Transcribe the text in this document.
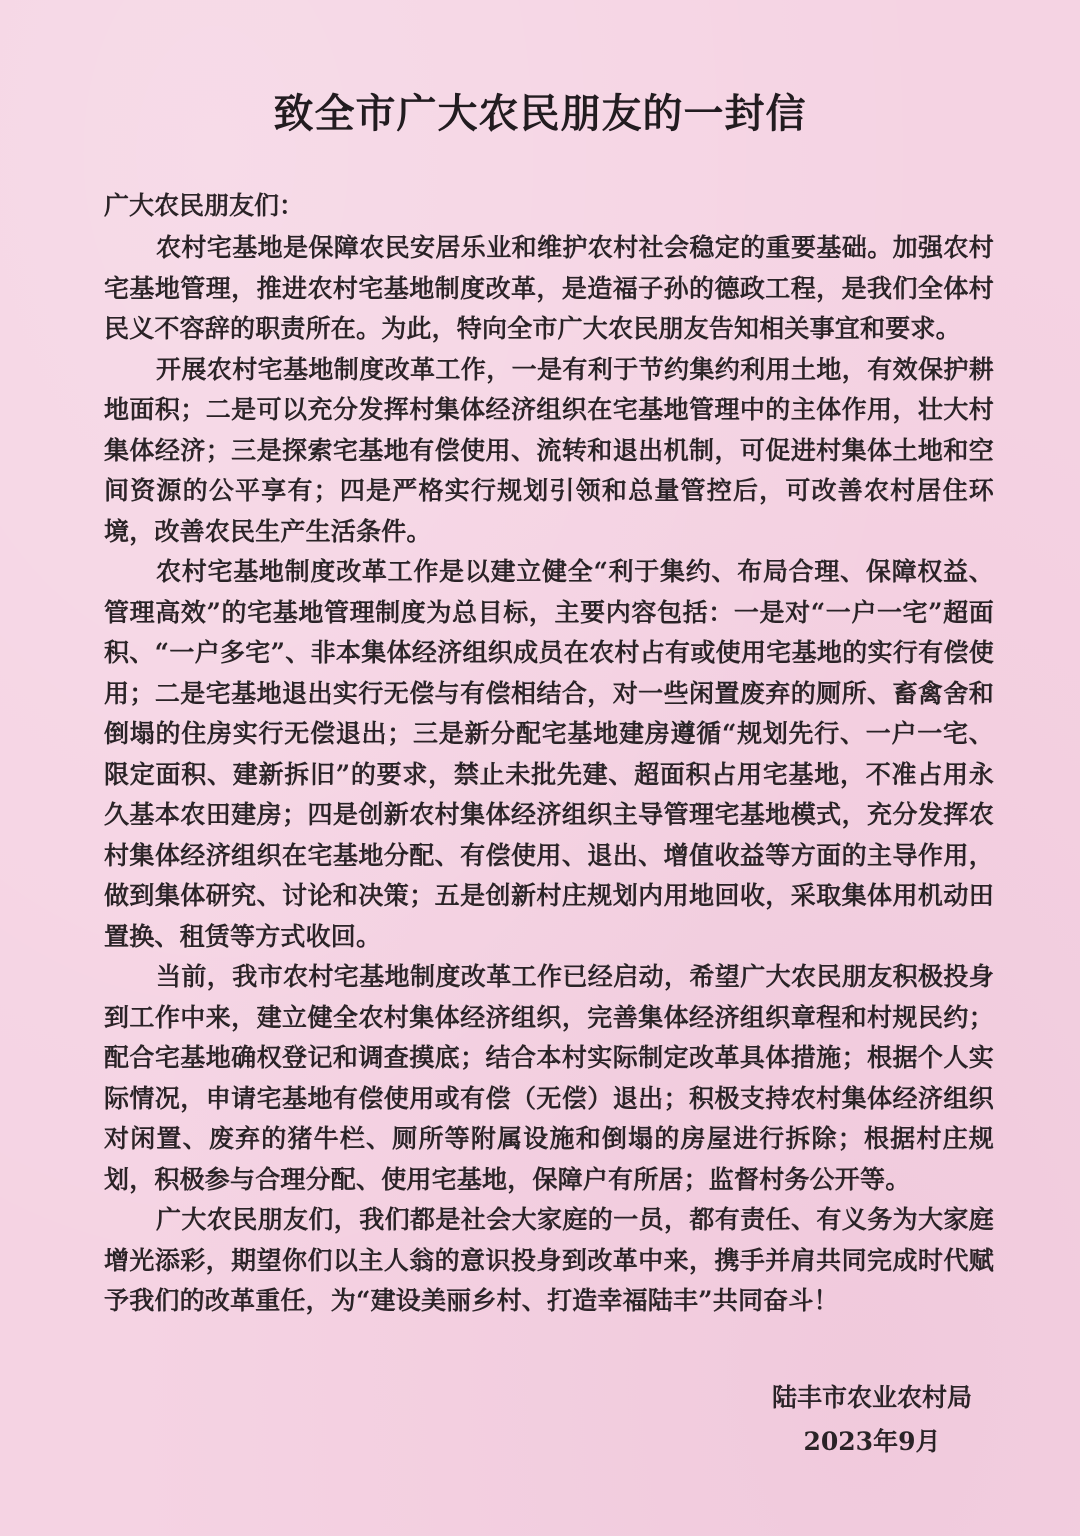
致全市广大农民朋友的一封信

广大农民朋友们：

农村宅基地是保障农民安居乐业和维护农村社会稳定的重要基础。加强农村宅基地管理，推进农村宅基地制度改革，是造福子孙的德政工程，是我们全体村民义不容辞的职责所在。为此，特向全市广大农民朋友告知相关事宜和要求。

开展农村宅基地制度改革工作，一是有利于节约集约利用土地，有效保护耕地面积；二是可以充分发挥村集体经济组织在宅基地管理中的主体作用，壮大村集体经济；三是探索宅基地有偿使用、流转和退出机制，可促进村集体土地和空间资源的公平享有；四是严格实行规划引领和总量管控后，可改善农村居住环境，改善农民生产生活条件。

农村宅基地制度改革工作是以建立健全“利于集约、布局合理、保障权益、管理高效”的宅基地管理制度为总目标，主要内容包括：一是对“一户一宅”超面积、“一户多宅”、非本集体经济组织成员在农村占有或使用宅基地的实行有偿使用；二是宅基地退出实行无偿与有偿相结合，对一些闲置废弃的厕所、畜禽舍和倒塌的住房实行无偿退出；三是新分配宅基地建房遵循“规划先行、一户一宅、限定面积、建新拆旧”的要求，禁止未批先建、超面积占用宅基地，不准占用永久基本农田建房；四是创新农村集体经济组织主导管理宅基地模式，充分发挥农村集体经济组织在宅基地分配、有偿使用、退出、增值收益等方面的主导作用，做到集体研究、讨论和决策；五是创新村庄规划内用地回收，采取集体用机动田置换、租赁等方式收回。

当前，我市农村宅基地制度改革工作已经启动，希望广大农民朋友积极投身到工作中来，建立健全农村集体经济组织，完善集体经济组织章程和村规民约；配合宅基地确权登记和调查摸底；结合本村实际制定改革具体措施；根据个人实际情况，申请宅基地有偿使用或有偿（无偿）退出；积极支持农村集体经济组织对闲置、废弃的猪牛栏、厕所等附属设施和倒塌的房屋进行拆除；根据村庄规划，积极参与合理分配、使用宅基地，保障户有所居；监督村务公开等。

广大农民朋友们，我们都是社会大家庭的一员，都有责任、有义务为大家庭增光添彩，期望你们以主人翁的意识投身到改革中来，携手并肩共同完成时代赋予我们的改革重任，为“建设美丽乡村、打造幸福陆丰”共同奋斗！

陆丰市农业农村局
2023年9月
